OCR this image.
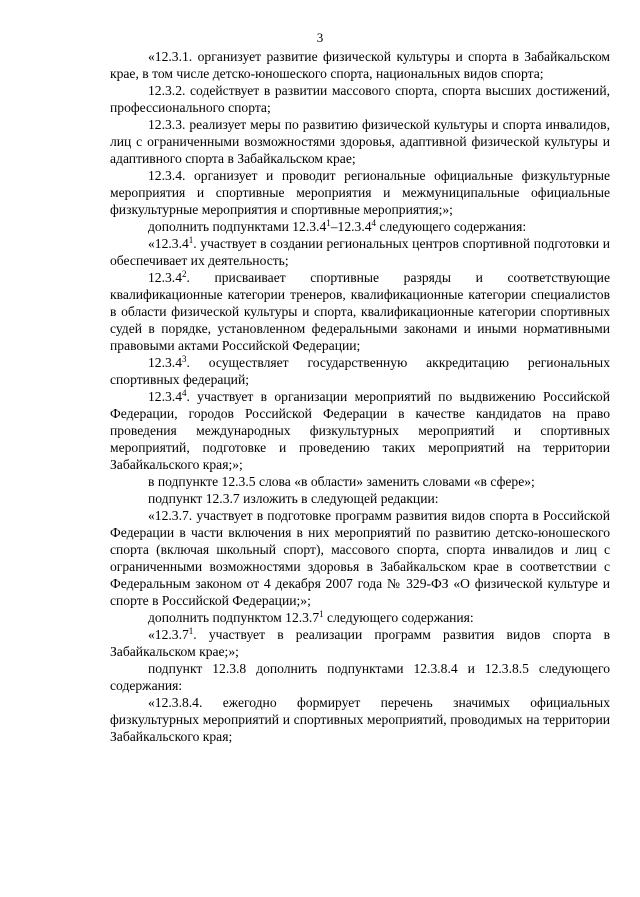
3

«12.3.1. организует развитие физической культуры и спорта в Забайкальском крае, в том числе детско-юношеского спорта, национальных видов спорта;

12.3.2. содействует в развитии массового спорта, спорта высших достижений, профессионального спорта;

12.3.3. реализует меры по развитию физической культуры и спорта инвалидов, лиц с ограниченными возможностями здоровья, адаптивной физической культуры и адаптивного спорта в Забайкальском крае;

12.3.4. организует и проводит региональные официальные физкультурные мероприятия и спортивные мероприятия и межмуниципальные официальные физкультурные мероприятия и спортивные мероприятия;»;

дополнить подпунктами 12.3.4$^1$–12.3.4$^4$ следующего содержания:

«12.3.4$^1$. участвует в создании региональных центров спортивной подготовки и обеспечивает их деятельность;

12.3.4$^2$. присваивает спортивные разряды и соответствующие квалификационные категории тренеров, квалификационные категории специалистов в области физической культуры и спорта, квалификационные категории спортивных судей в порядке, установленном федеральными законами и иными нормативными правовыми актами Российской Федерации;

12.3.4$^3$. осуществляет государственную аккредитацию региональных спортивных федераций;

12.3.4$^4$. участвует в организации мероприятий по выдвижению Российской Федерации, городов Российской Федерации в качестве кандидатов на право проведения международных физкультурных мероприятий и спортивных мероприятий, подготовке и проведению таких мероприятий на территории Забайкальского края;»;

в подпункте 12.3.5 слова «в области» заменить словами «в сфере»;

подпункт 12.3.7 изложить в следующей редакции:

«12.3.7. участвует в подготовке программ развития видов спорта в Российской Федерации в части включения в них мероприятий по развитию детско-юношеского спорта (включая школьный спорт), массового спорта, спорта инвалидов и лиц с ограниченными возможностями здоровья в Забайкальском крае в соответствии с Федеральным законом от 4 декабря 2007 года № 329-ФЗ «О физической культуре и спорте в Российской Федерации;»;

дополнить подпунктом 12.3.7$^1$ следующего содержания:

«12.3.7$^1$. участвует в реализации программ развития видов спорта в Забайкальском крае;»;

подпункт 12.3.8 дополнить подпунктами 12.3.8.4 и 12.3.8.5 следующего содержания:

«12.3.8.4. ежегодно формирует перечень значимых официальных физкультурных мероприятий и спортивных мероприятий, проводимых на территории Забайкальского края;
